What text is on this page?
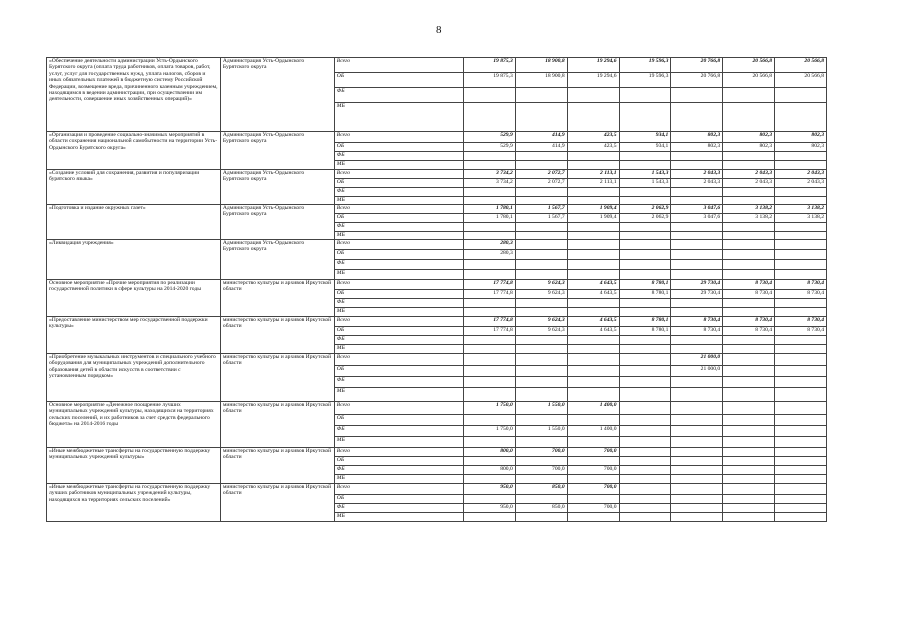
8
«Обеспечение деятельности администрации Усть-Ордынского Бурятского округа (оплата труда работников, оплата товаров, работ, услуг, услуг для государственных нужд, уплата налогов, сборов и иных обязательных платежей в бюджетную систему Российской Федерации, возмещение вреда, причиненного казенным учреждением, находящимся в ведении администрации, при осуществлении им деятельности, совершение иных хозяйственных операций)»	Администрация Усть-Ордынского Бурятского округа	Всего	19 875,3	18 900,8	19 294,6	19 596,3	20 766,8	20 566,8	20 566,8
		ОБ	19 875,3	18 900,8	19 294,6	19 596,3	20 766,8	20 566,8	20 566,8
		ФБ							
		МБ							
«Организация и проведение социально-значимых мероприятий в области сохранения национальной самобытности на территории Усть-Ордынского Бурятского округа»	Администрация Усть-Ордынского Бурятского округа	Всего	529,9	414,9	423,5	934,1	802,3	802,3	802,3
		ОБ	529,9	414,9	423,5	934,1	802,3	802,3	802,3
		ФБ							
		МБ							
«Создание условий для сохранения, развития и популяризации бурятского языка»	Администрация Усть-Ордынского Бурятского округа	Всего	3 734,2	2 072,7	2 113,1	1 543,3	2 043,3	2 043,3	2 043,3
		ОБ	3 734,2	2 072,7	2 113,1	1 543,3	2 043,3	2 043,3	2 043,3
		ФБ							
		МБ							
«Подготовка и издание окружных газет»	Администрация Усть-Ордынского Бурятского округа	Всего	1 780,1	1 567,7	1 909,4	2 062,9	3 047,6	3 138,2	3 138,2
		ОБ	1 780,1	1 567,7	1 909,4	2 062,9	3 047,6	3 138,2	3 138,2
		ФБ							
		МБ							
«Ликвидация учреждения»	Администрация Усть-Ордынского Бурятского округа	Всего	280,3						
		ОБ	280,3						
		ФБ							
		МБ							
Основное мероприятие «Прочие мероприятия по реализации государственной политики в сфере культуры на 2014-2020 годы	министерство культуры и архивов Иркутской области	Всего	17 774,8	9 624,3	4 643,5	8 780,1	29 730,4	8 730,4	8 730,4
		ОБ	17 774,8	9 624,3	4 643,5	8 780,1	29 730,4	8 730,4	8 730,4
		ФБ							
		МБ							
«Предоставление министерством мер государственной поддержки культуры»	министерство культуры и архивов Иркутской области	Всего	17 774,8	9 624,3	4 643,5	8 780,1	8 730,4	8 730,4	8 730,4
		ОБ	17 774,8	9 624,3	4 643,5	8 780,1	8 730,4	8 730,4	8 730,4
		ФБ							
		МБ							
«Приобретение музыкальных инструментов и специального учебного оборудования для муниципальных учреждений дополнительного образования детей в области искусств в соответствии с установленным порядком»	министерство культуры и архивов Иркутской области	Всего					21 000,0		
		ОБ					21 000,0		
		ФБ							
		МБ							
Основное мероприятие «Денежное поощрение лучших муниципальных учреждений культуры, находящихся на территориях сельских поселений, и их работников за счет средств федерального бюджета» на 2014-2016 годы	министерство культуры и архивов Иркутской области	Всего	1 750,0	1 550,0	1 400,0				
		ОБ							
		ФБ	1 750,0	1 550,0	1 400,0				
		МБ							
«Иные межбюджетные трансферты на государственную поддержку муниципальных учреждений культуры»	министерство культуры и архивов Иркутской области	Всего	800,0	700,0	700,0				
		ОБ							
		ФБ	800,0	700,0	700,0				
		МБ							
«Иные межбюджетные трансферты на государственную поддержку лучших работников муниципальных учреждений культуры, находящихся на территориях сельских поселений»	министерство культуры и архивов Иркутской области	Всего	950,0	850,0	700,0				
		ОБ							
		ФБ	950,0	850,0	700,0				
		МБ							
